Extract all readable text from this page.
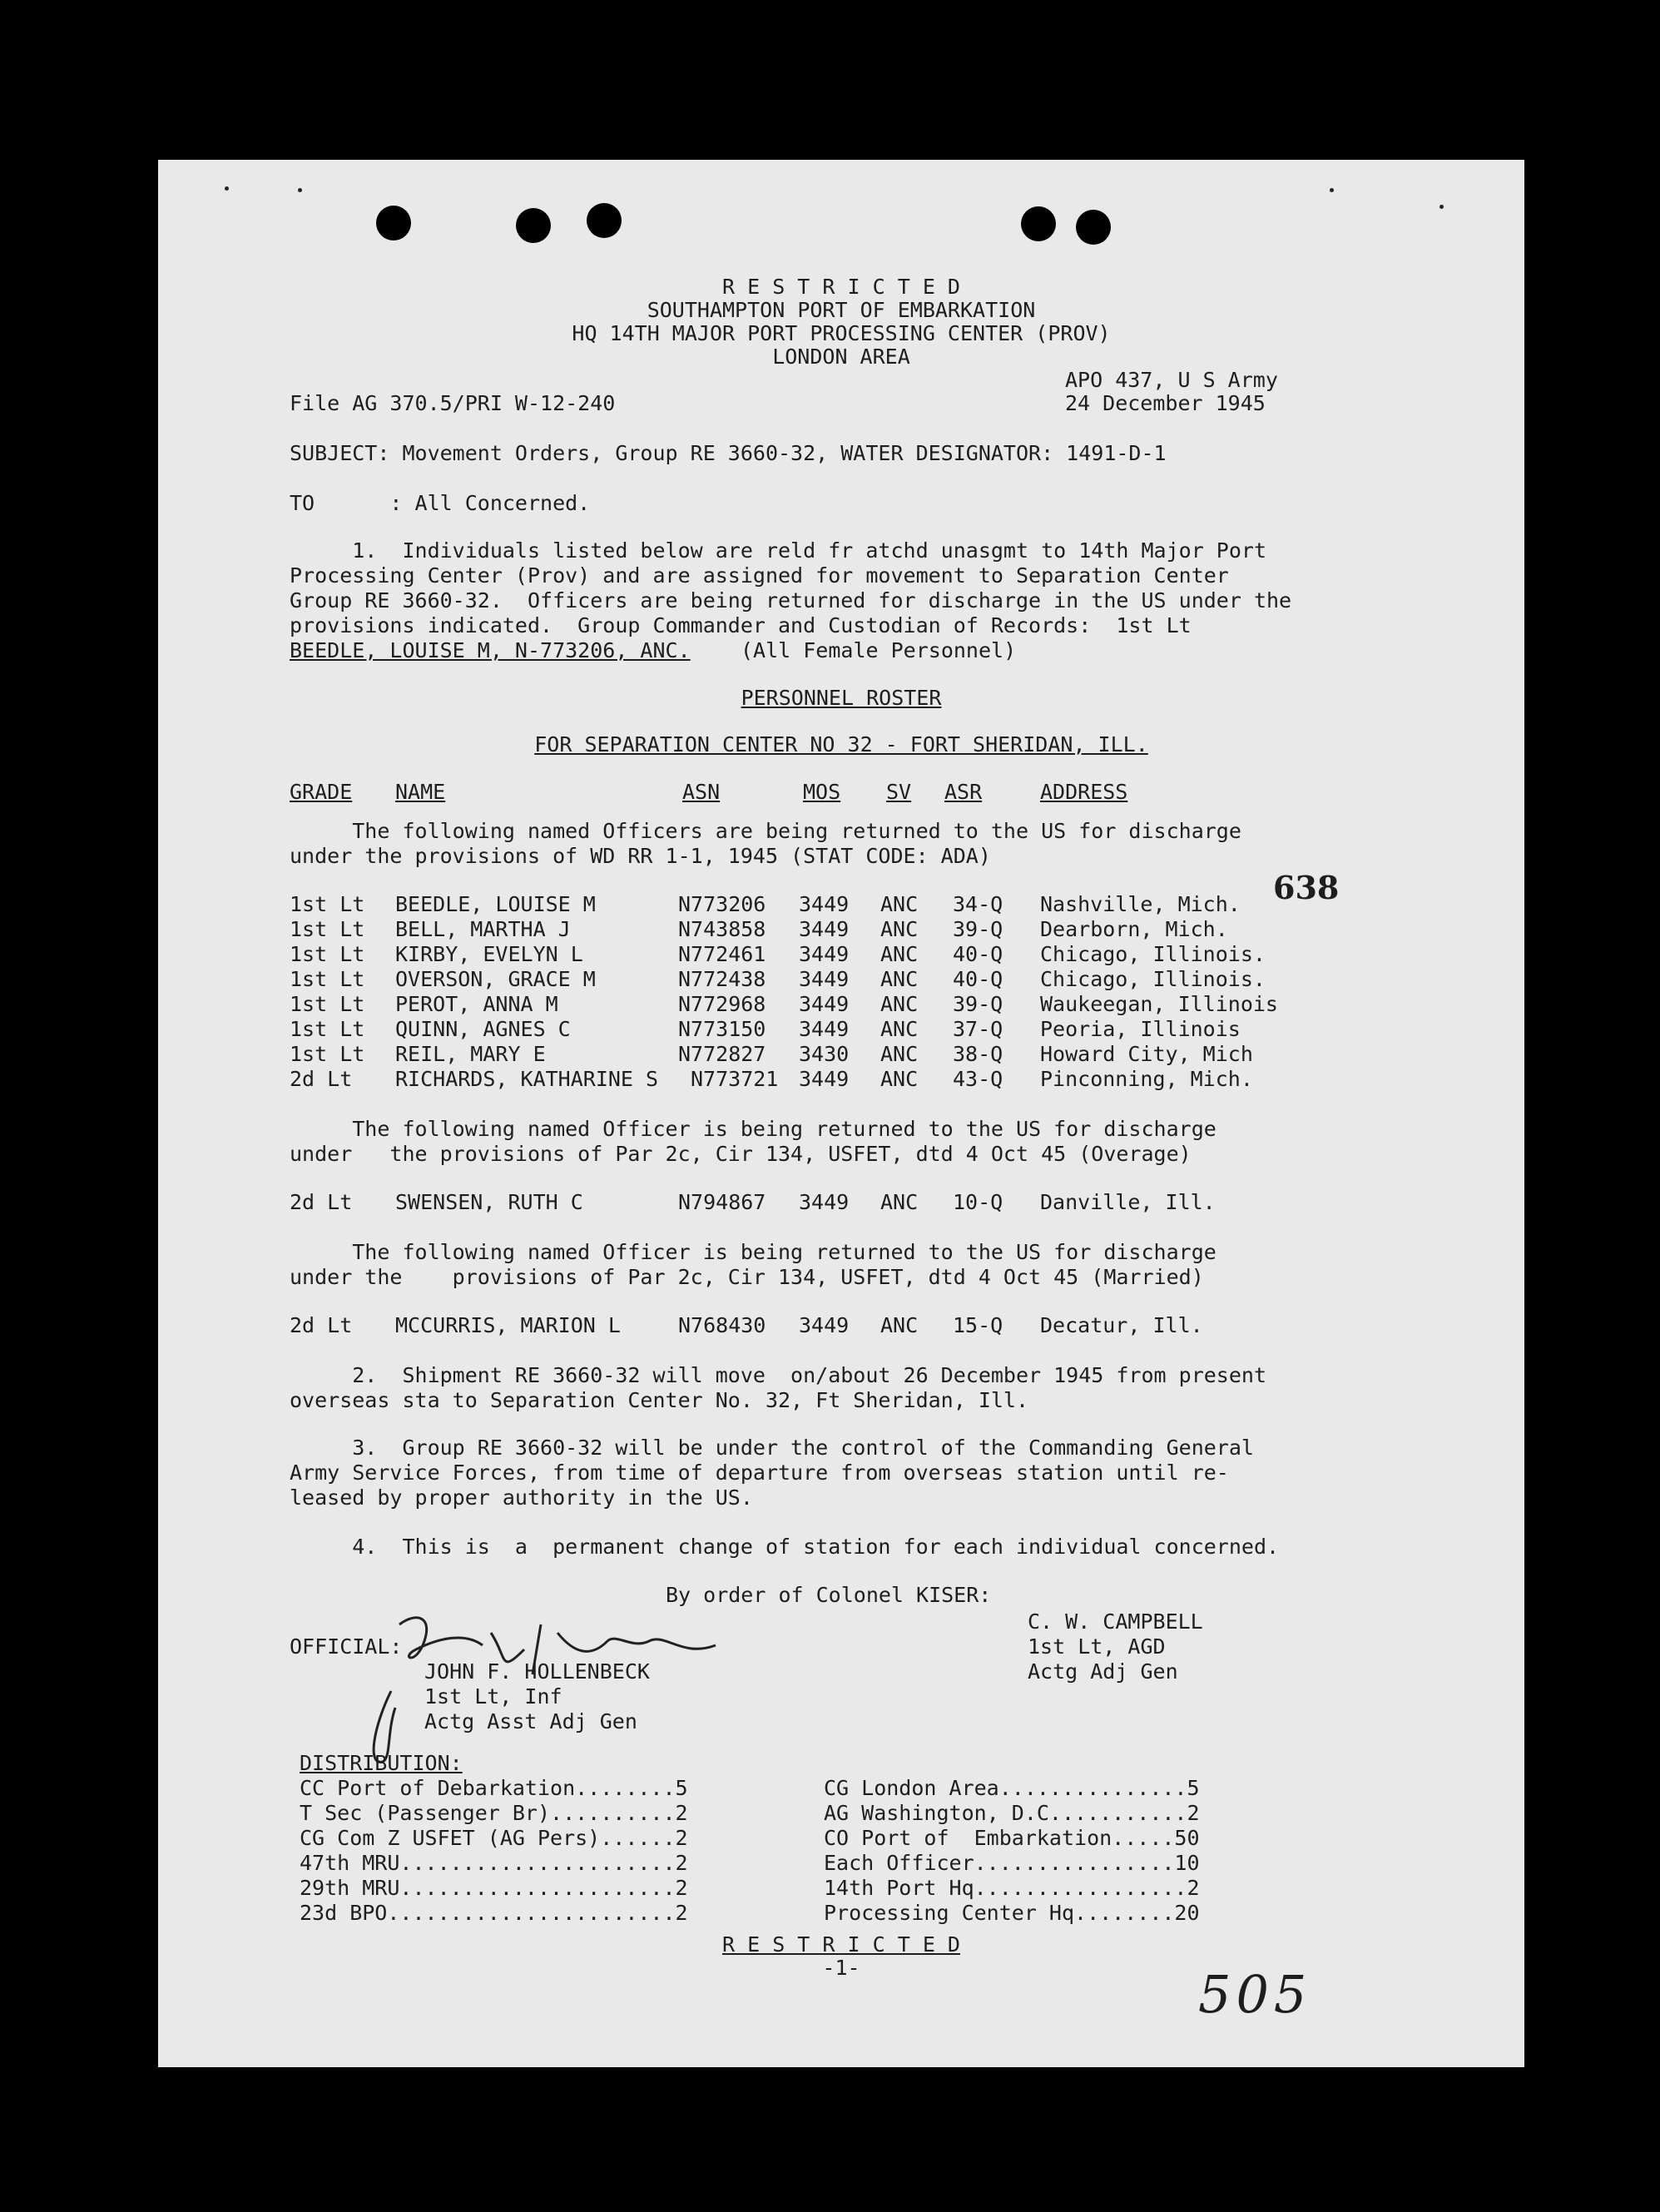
R E S T R I C T E D
SOUTHAMPTON PORT OF EMBARKATION
HQ 14TH MAJOR PORT PROCESSING CENTER (PROV)
LONDON AREA
APO 437, U S Army
24 December 1945
File AG 370.5/PRI W-12-240
SUBJECT: Movement Orders, Group RE 3660-32, WATER DESIGNATOR: 1491-D-1
TO      : All Concerned.
1.  Individuals listed below are reld fr atchd unasgmt to 14th Major Port
Processing Center (Prov) and are assigned for movement to Separation Center
Group RE 3660-32.  Officers are being returned for discharge in the US under the
provisions indicated.  Group Commander and Custodian of Records:  1st Lt
BEEDLE, LOUISE M, N-773206, ANC. (All Female Personnel)
PERSONNEL ROSTER
FOR SEPARATION CENTER NO 32 - FORT SHERIDAN, ILL.
GRADE NAME	ASN	MOS SV ASR	ADDRESS
The following named Officers are being returned to the US for discharge
under the provisions of WD RR 1-1, 1945 (STAT CODE: ADA)
638
1st Lt BEEDLE, LOUISE M	N773206 3449 ANC 34-Q Nashville, Mich.
1st Lt BELL, MARTHA J	N743858 3449 ANC 39-Q Dearborn, Mich.
1st Lt KIRBY, EVELYN L	N772461 3449 ANC 40-Q Chicago, Illinois.
1st Lt OVERSON, GRACE M	N772438 3449 ANC 40-Q Chicago, Illinois.
1st Lt PEROT, ANNA M	N772968 3449 ANC 39-Q Waukeegan, Illinois
1st Lt QUINN, AGNES C	N773150 3449 ANC 37-Q Peoria, Illinois
1st Lt REIL, MARY E	N772827 3430 ANC 38-Q Howard City, Mich
2d Lt RICHARDS, KATHARINE S N773721 3449 ANC 43-Q Pinconning, Mich.
The following named Officer is being returned to the US for discharge
under   the provisions of Par 2c, Cir 134, USFET, dtd 4 Oct 45 (Overage)
2d Lt SWENSEN, RUTH C	N794867 3449 ANC 10-Q Danville, Ill.
The following named Officer is being returned to the US for discharge
under the    provisions of Par 2c, Cir 134, USFET, dtd 4 Oct 45 (Married)
2d Lt MCCURRIS, MARION L	N768430 3449 ANC 15-Q Decatur, Ill.
2.  Shipment RE 3660-32 will move  on/about 26 December 1945 from present
overseas sta to Separation Center No. 32, Ft Sheridan, Ill.
3.  Group RE 3660-32 will be under the control of the Commanding General
Army Service Forces, from time of departure from overseas station until re-
leased by proper authority in the US.
4.  This is  a  permanent change of station for each individual concerned.
By order of Colonel KISER:
C. W. CAMPBELL
1st Lt, AGD
Actg Adj Gen
OFFICIAL:
JOHN F. HOLLENBECK
1st Lt, Inf
Actg Asst Adj Gen
DISTRIBUTION:
CC Port of Debarkation........5
T Sec (Passenger Br)..........2
CG Com Z USFET (AG Pers)......2
47th MRU......................2
29th MRU......................2
23d BPO.......................2
CG London Area...............5
AG Washington, D.C...........2
CO Port of  Embarkation.....50
Each Officer................10
14th Port Hq.................2
Processing Center Hq........20
R E S T R I C T E D
-1-	505
